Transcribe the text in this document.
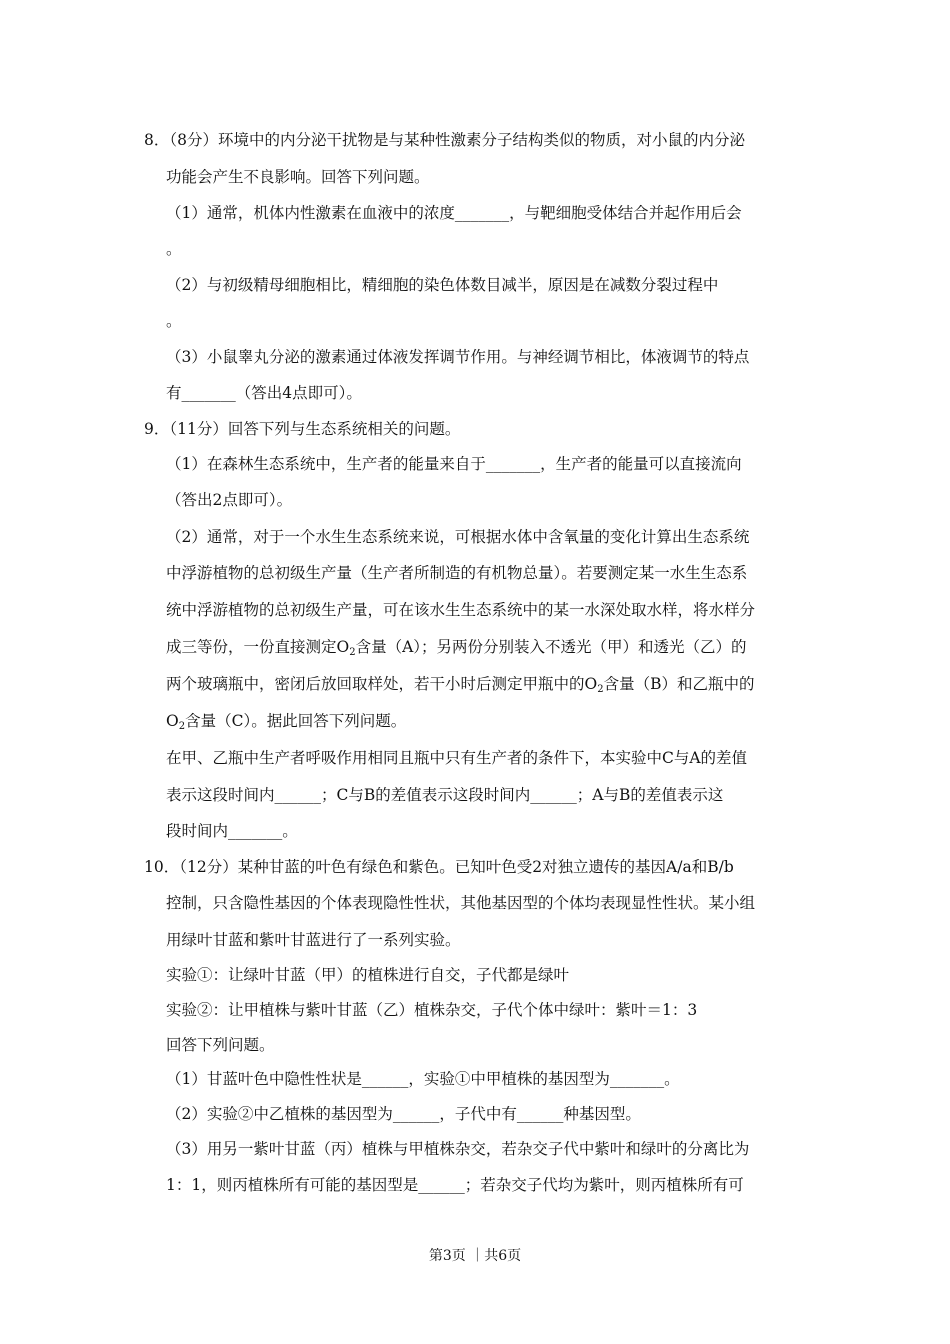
8．（8分）环境中的内分泌干扰物是与某种性激素分子结构类似的物质，对小鼠的内分泌
功能会产生不良影响。回答下列问题。
（1）通常，机体内性激素在血液中的浓度_______，与靶细胞受体结合并起作用后会
。
（2）与初级精母细胞相比，精细胞的染色体数目减半，原因是在减数分裂过程中
。
（3）小鼠睾丸分泌的激素通过体液发挥调节作用。与神经调节相比，体液调节的特点
有_______（答出4点即可）。
9．（11分）回答下列与生态系统相关的问题。
（1）在森林生态系统中，生产者的能量来自于_______，生产者的能量可以直接流向
（答出2点即可）。
（2）通常，对于一个水生生态系统来说，可根据水体中含氧量的变化计算出生态系统
中浮游植物的总初级生产量（生产者所制造的有机物总量）。若要测定某一水生生态系
统中浮游植物的总初级生产量，可在该水生生态系统中的某一水深处取水样，将水样分
成三等份，一份直接测定$O_2$含量（A）；另两份分别装入不透光（甲）和透光（乙）的
两个玻璃瓶中，密闭后放回取样处，若干小时后测定甲瓶中的$O_2$含量（B）和乙瓶中的
$O_2$含量（C）。据此回答下列问题。
在甲、乙瓶中生产者呼吸作用相同且瓶中只有生产者的条件下，本实验中C与A的差值
表示这段时间内______；C与B的差值表示这段时间内______；A与B的差值表示这
段时间内_______。
10．（12分）某种甘蓝的叶色有绿色和紫色。已知叶色受2对独立遗传的基因A/a和B/b
控制，只含隐性基因的个体表现隐性性状，其他基因型的个体均表现显性性状。某小组
用绿叶甘蓝和紫叶甘蓝进行了一系列实验。
实验①：让绿叶甘蓝（甲）的植株进行自交，子代都是绿叶
实验②：让甲植株与紫叶甘蓝（乙）植株杂交，子代个体中绿叶：紫叶＝1：3
回答下列问题。
（1）甘蓝叶色中隐性性状是______，实验①中甲植株的基因型为_______。
（2）实验②中乙植株的基因型为______，子代中有______种基因型。
（3）用另一紫叶甘蓝（丙）植株与甲植株杂交，若杂交子代中紫叶和绿叶的分离比为
1：1，则丙植株所有可能的基因型是______；若杂交子代均为紫叶，则丙植株所有可
第3页 ｜共6页
